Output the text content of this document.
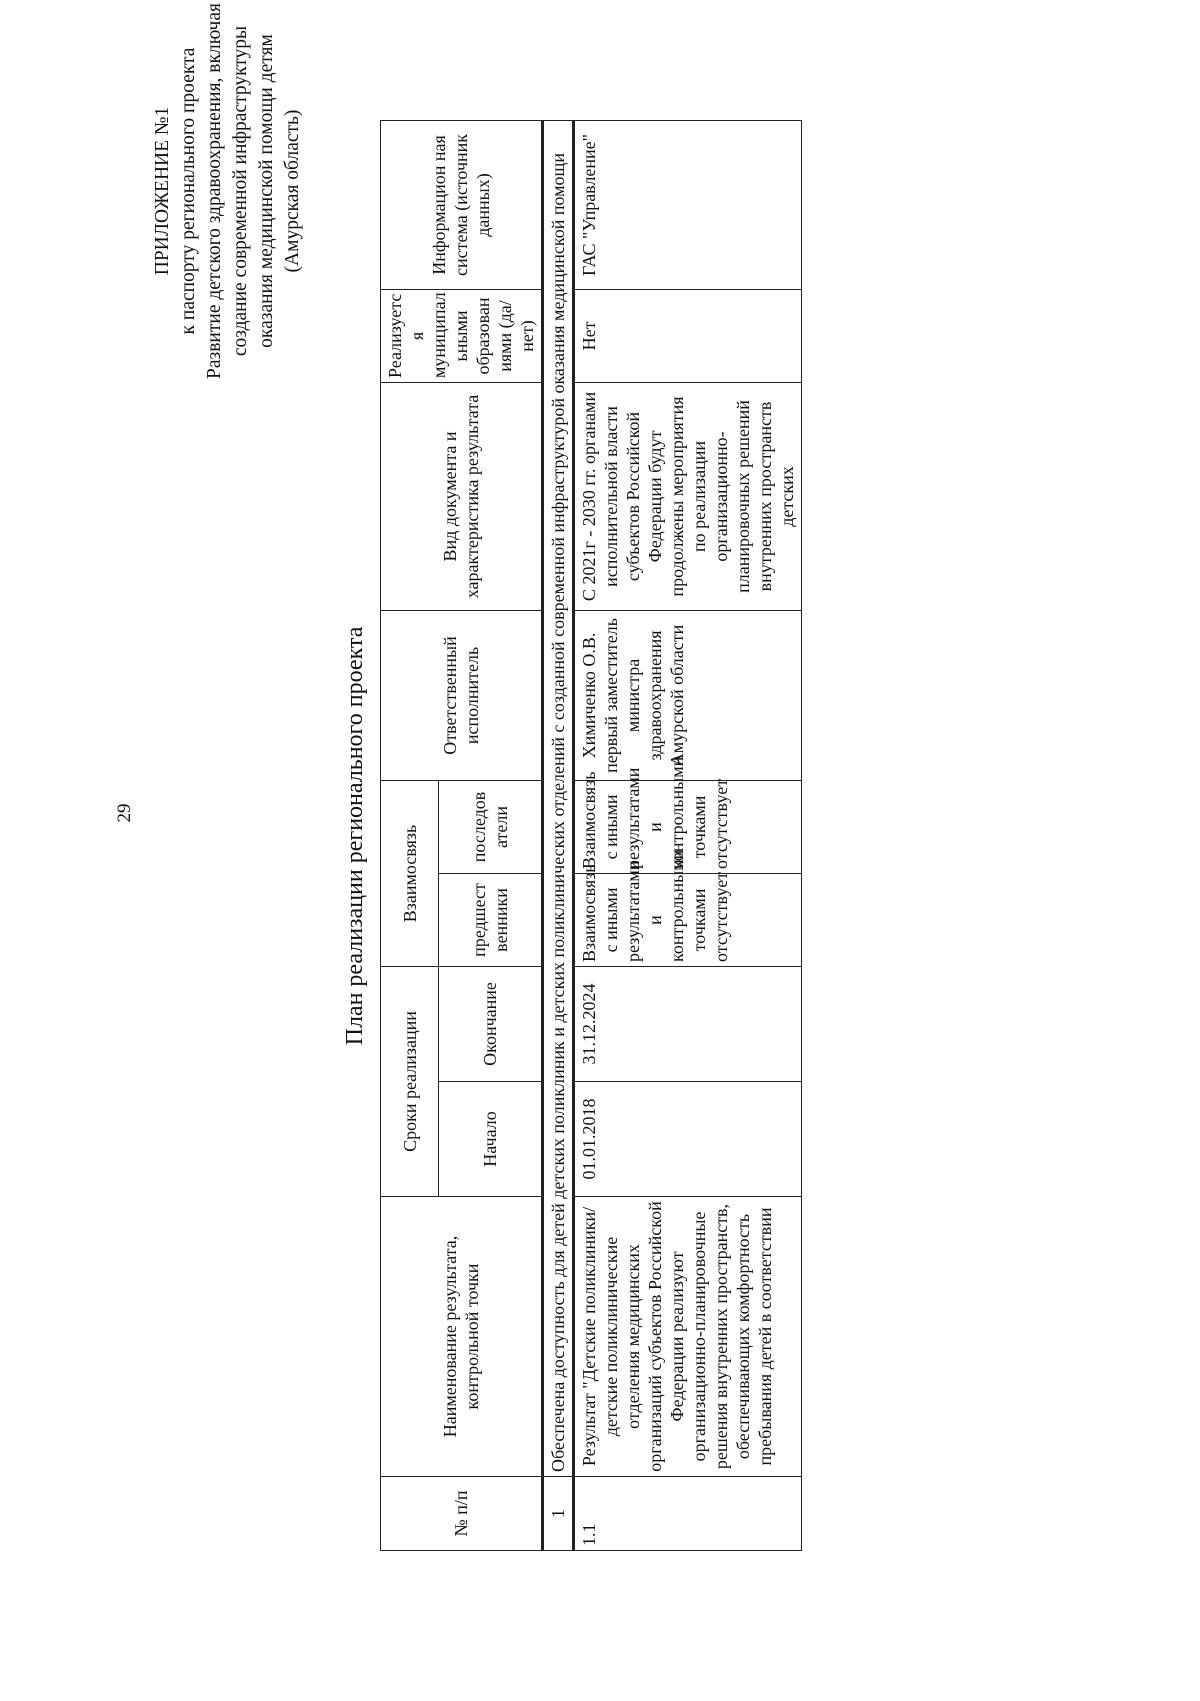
29
ПРИЛОЖЕНИЕ №1 к паспорту регионального проекта Развитие детского здравоохранения, включая создание современной инфраструктуры оказания медицинской помощи детям (Амурская область)
План реализации регионального проекта
№ п/п	Наименование результата, контрольной точки	Сроки реализации		Взаимосвязь		Ответственный исполнитель	Вид документа и характеристика результата	Реализуетс я муниципал ьными образован иями (да/нет)	Информацион ная система (источник данных)
		Начало	Окончание	предшест венники	последов атели				
1	Обеспечена доступность для детей детских поликлиник и детских поликлинических отделений с созданной современной инфраструктурой оказания медицинской помощи								
1.1	Результат "Детские поликлиники/детские поликлинические отделения медицинских организаций субъектов Российской Федерации реализуют организационно-планировочные решения внутренних пространств, обеспечивающих комфортность пребывания детей в соответствии	01.01.2018	31.12.2024	Взаимосвязь с иными результатами и контрольными точками отсутствует	Взаимосвязь с иными результатами и контрольными точками отсутствует	Химиченко О.В. первый заместитель министра здравоохранения Амурской области	С 2021г - 2030 гг. органами исполнительной власти субъектов Российской Федерации будут продолжены мероприятия по реализации организационно-планировочных решений внутренних пространств детских	Нет	ГАС "Управление"
